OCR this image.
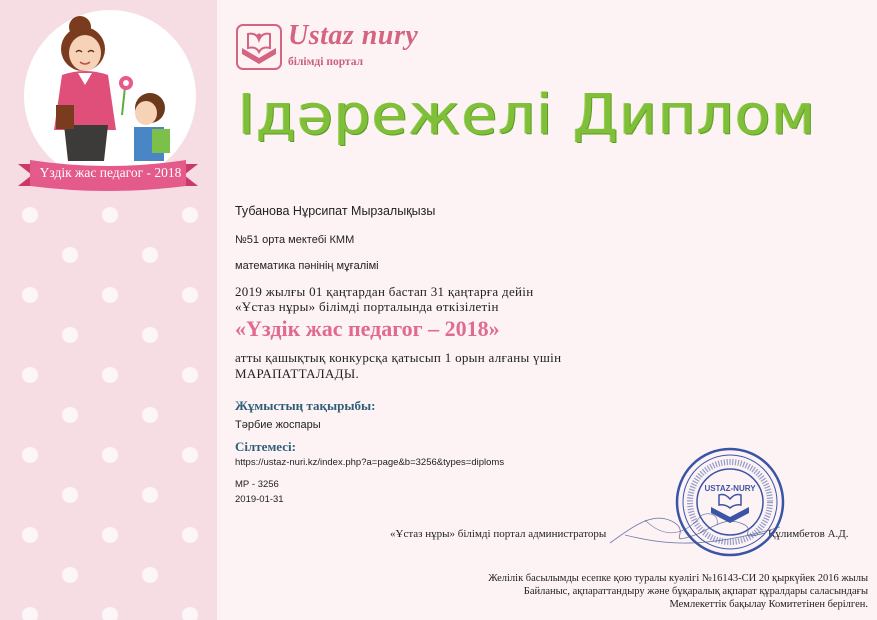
Үздік жас педагог - 2018
Ustaz nury
білімді портал
Ідәрежелі Диплом
Тубанова Нұрсипат Мырзалықызы
№51 орта мектебі КММ
математика пәнінің мұғалімі
2019 жылғы 01 қаңтардан бастап 31 қаңтарға дейін
«Ұстаз нұры» білімді порталында өткізілетін
«Үздік жас педагог – 2018»
атты қашықтық конкурсқа қатысып 1 орын алғаны үшін
МАРАПАТТАЛАДЫ.
Жұмыстың тақырыбы:
Тәрбие жоспары
Сілтемесі:
https://ustaz-nuri.kz/index.php?a=page&b=3256&types=diploms
МР - 3256
2019-01-31
«Ұстаз нұры» білімді портал администраторы	Құлимбетов А.Д.
USTAZ-NURY
Желілік басылымды есепке қою туралы куәлігі №16143-СИ 20 қыркүйек 2016 жылы
Байланыс, ақпараттандыру және бұқаралық ақпарат құралдары саласындағы
Мемлекеттік бақылау Комитетінен берілген.
